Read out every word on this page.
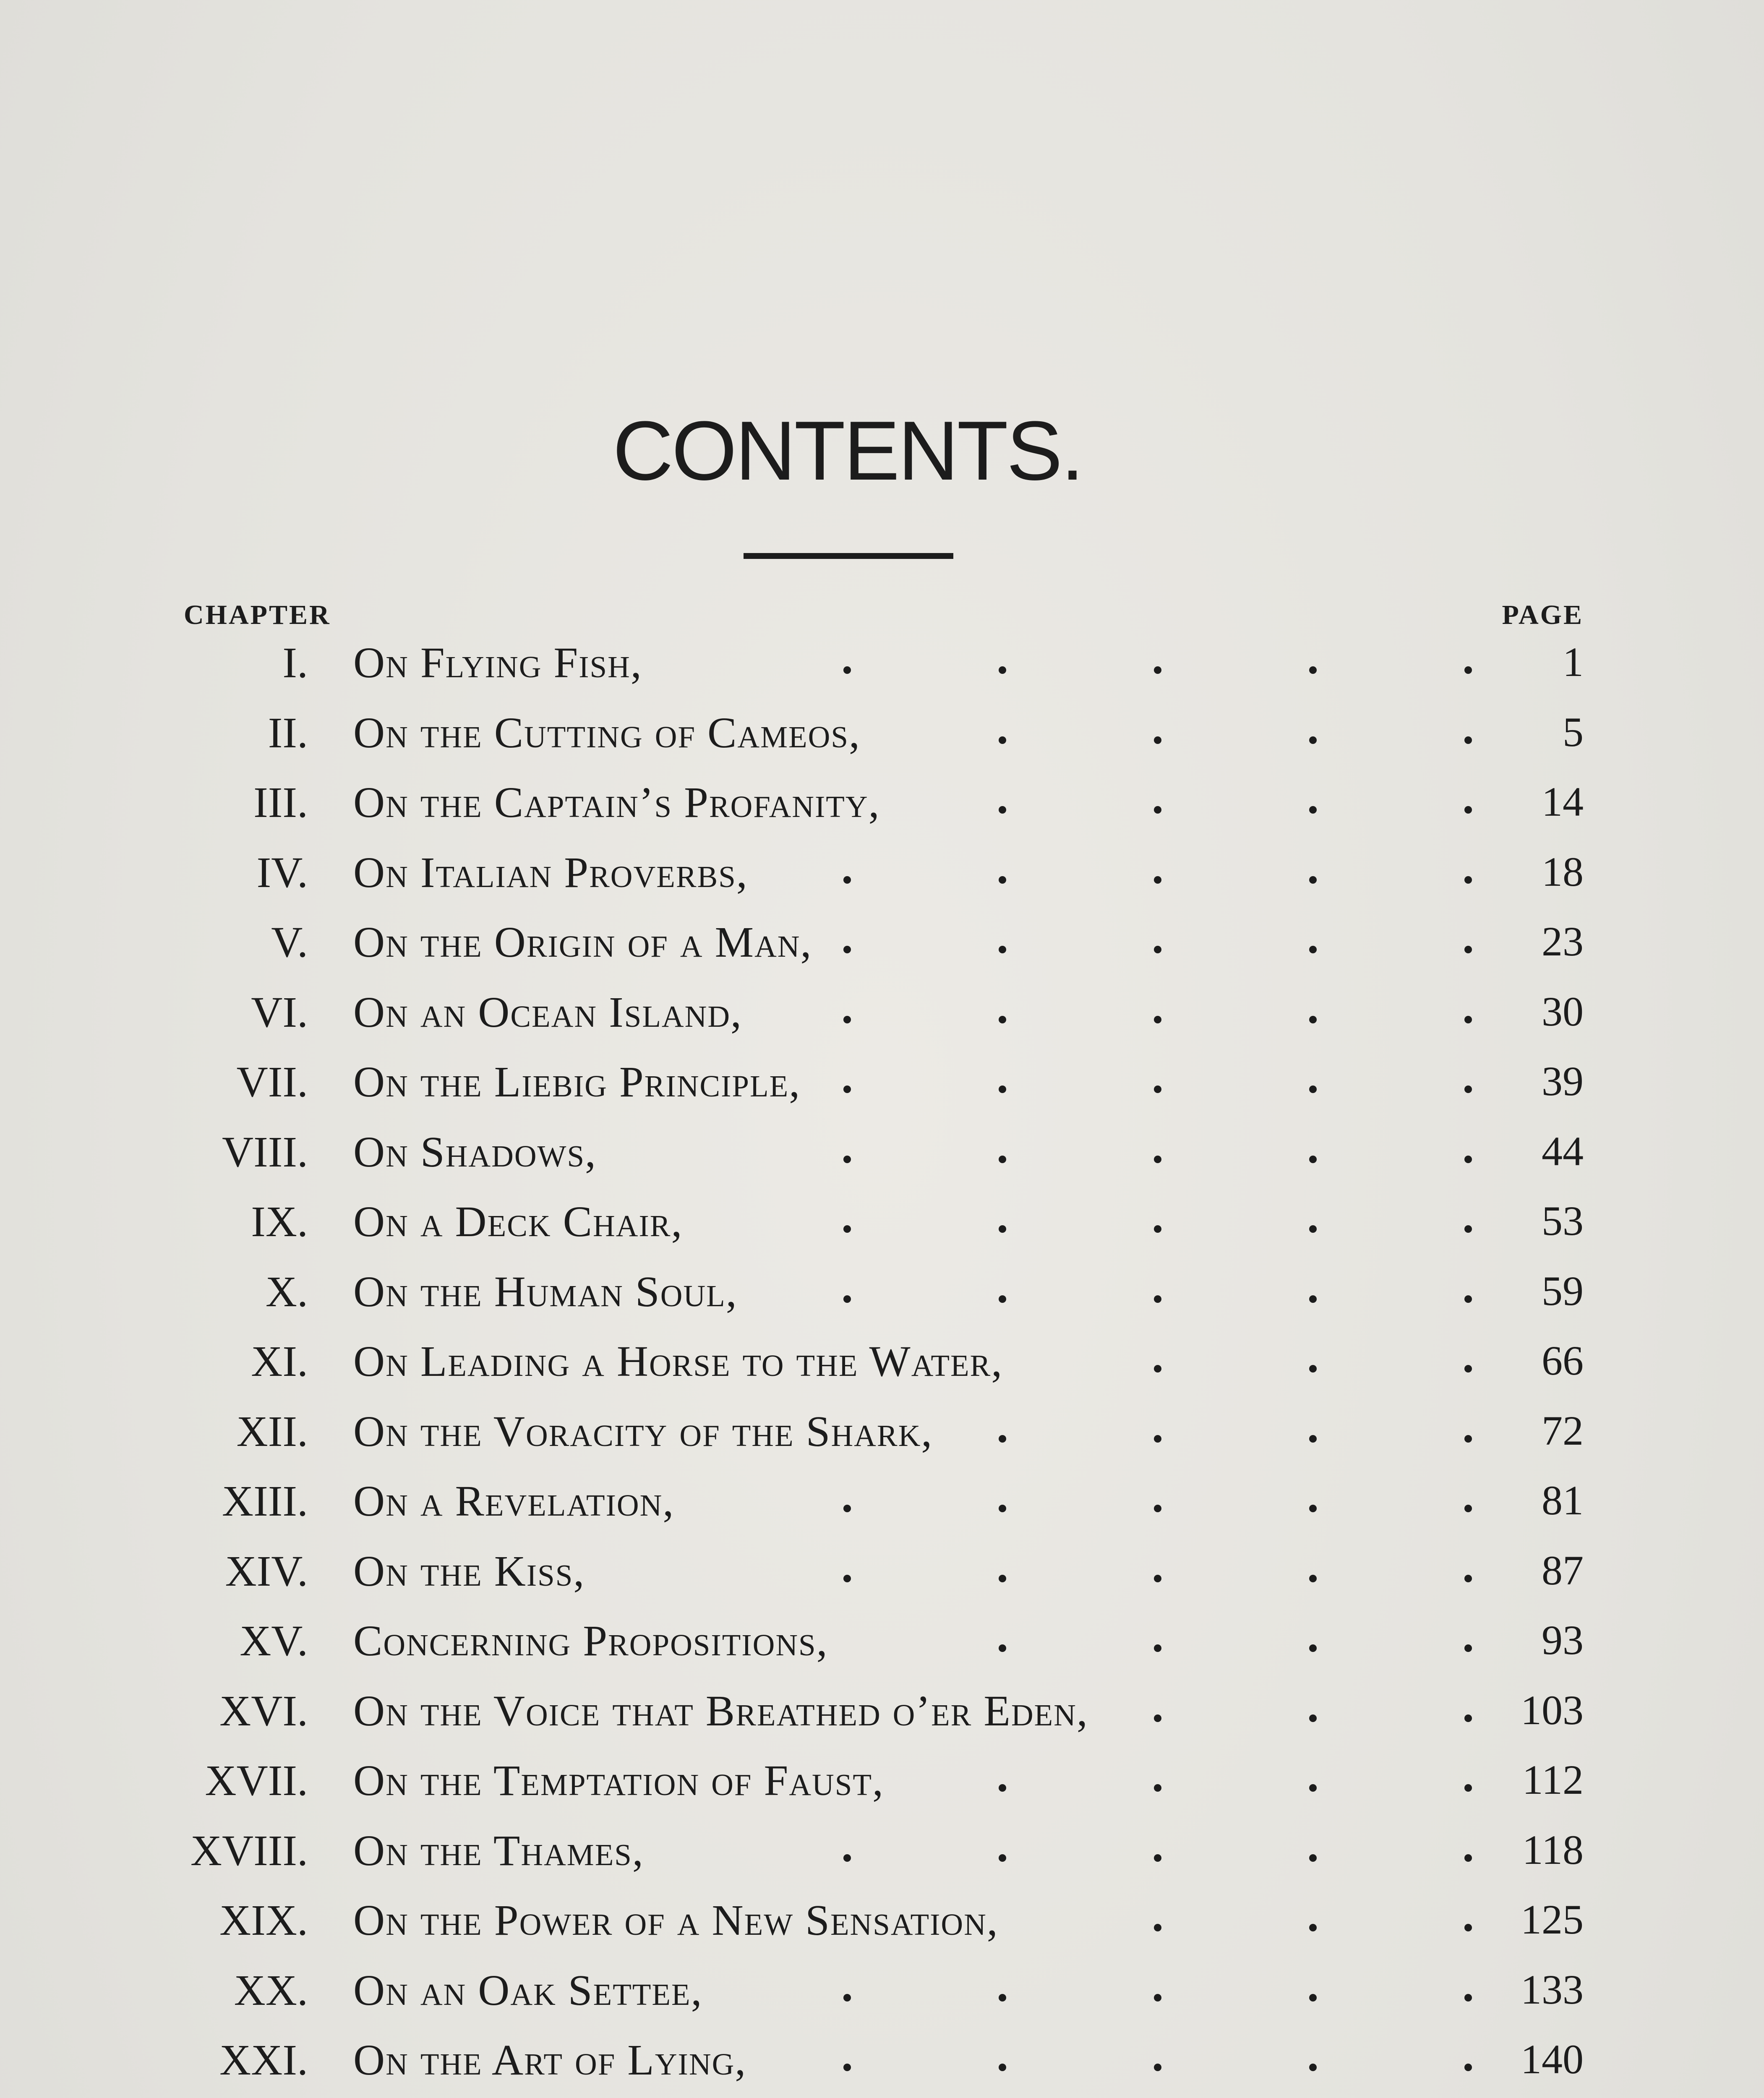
CONTENTS.
CHAPTER	PAGE
I. On Flying Fish,	1
II. On the Cutting of Cameos,	5
III. On the Captain’s Profanity,	14
IV. On Italian Proverbs,	18
V. On the Origin of a Man,	23
VI. On an Ocean Island,	30
VII. On the Liebig Principle,	39
VIII. On Shadows,	44
IX. On a Deck Chair,	53
X. On the Human Soul,	59
XI. On Leading a Horse to the Water,	66
XII. On the Voracity of the Shark,	72
XIII. On a Revelation,	81
XIV. On the Kiss,	87
XV. Concerning Propositions,	93
XVI. On the Voice that Breathed o’er Eden,	103
XVII. On the Temptation of Faust,	112
XVIII. On the Thames,	118
XIX. On the Power of a New Sensation,	125
XX. On an Oak Settee,	133
XXI. On the Art of Lying,	140
